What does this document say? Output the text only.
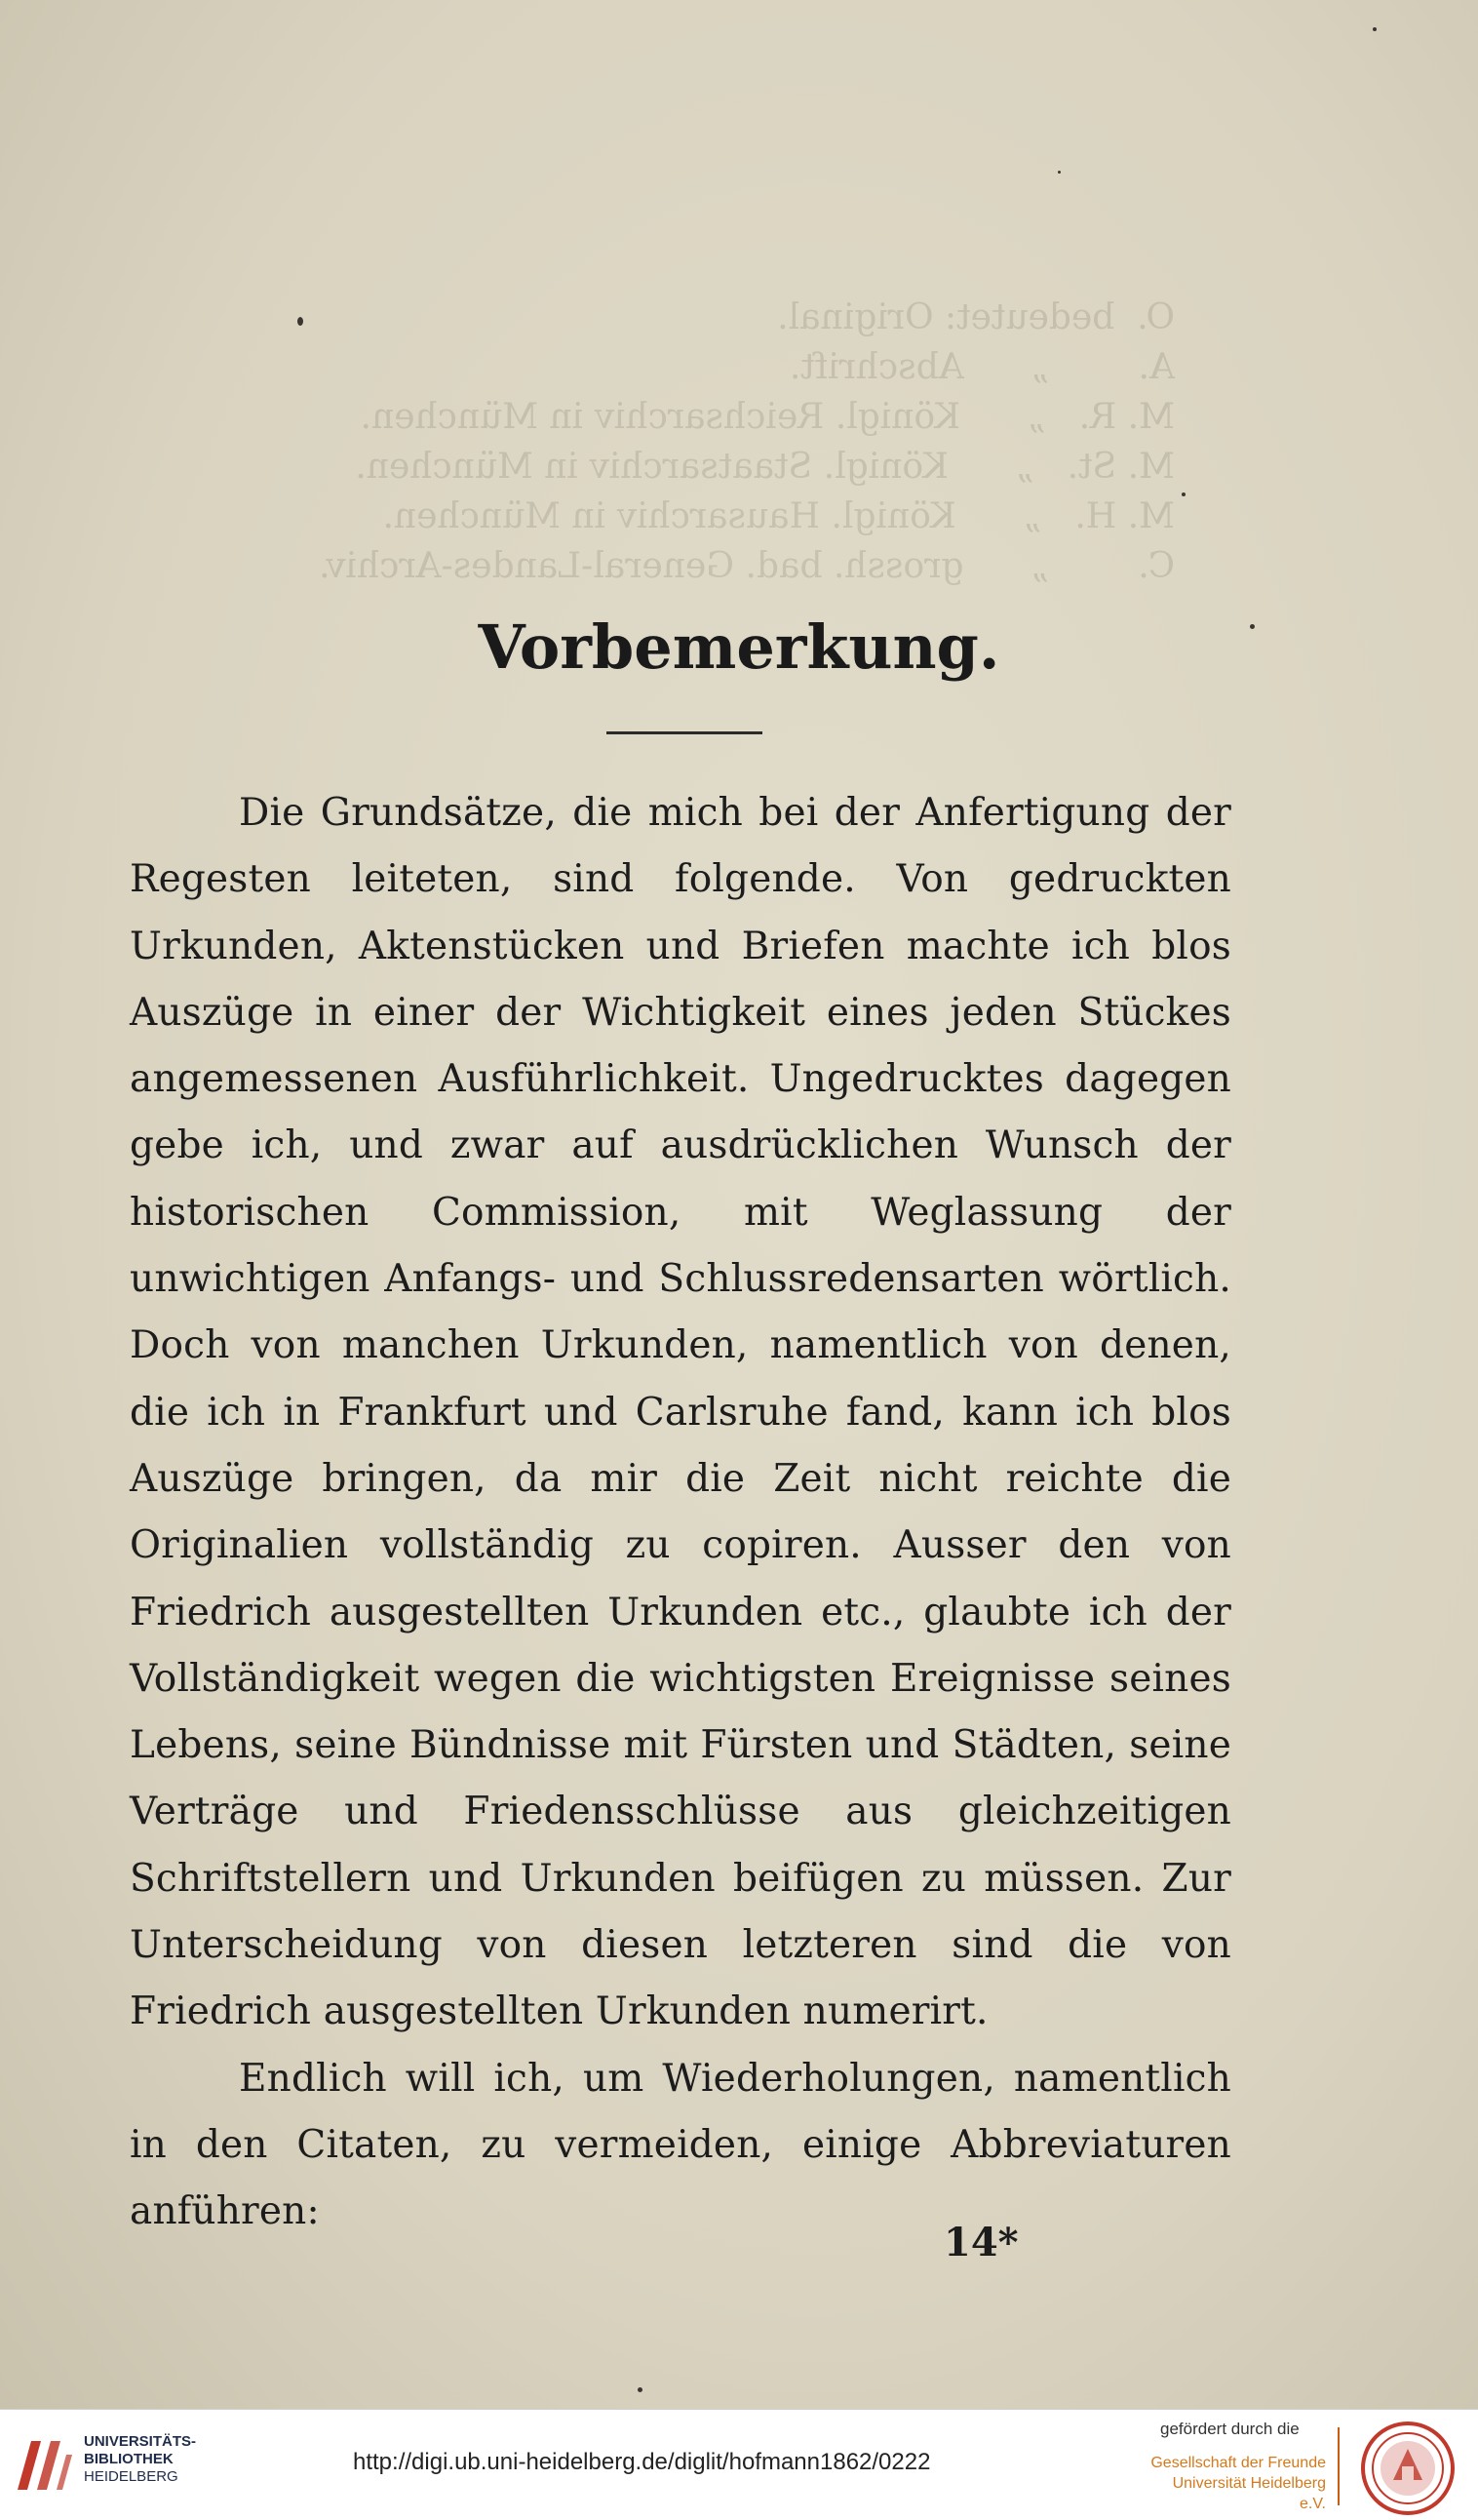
O.  bedeutet: Original.
A.        „      Abschrift.
M. R.   „      Königl. Reichsarchiv in München.
M. St.   „      Königl. Staatsarchiv in München.
M. H.   „      Königl. Hausarchiv in München.
C.        „      grossh. bad. General-Landes-Archiv.
Vorbemerkung.

Die Grundsätze, die mich bei der Anfertigung der Regesten leiteten, sind folgende. Von gedruckten Urkunden, Aktenstücken und Briefen machte ich blos Auszüge in einer der Wichtigkeit eines jeden Stückes angemessenen Ausführlichkeit. Ungedrucktes dagegen gebe ich, und zwar auf ausdrücklichen Wunsch der historischen Commission, mit Weglassung der unwichtigen Anfangs- und Schlussredensarten wörtlich. Doch von manchen Urkunden, namentlich von denen, die ich in Frankfurt und Carlsruhe fand, kann ich blos Auszüge bringen, da mir die Zeit nicht reichte die Originalien vollständig zu copiren. Ausser den von Friedrich ausgestellten Urkunden etc., glaubte ich der Vollständigkeit wegen die wichtigsten Ereignisse seines Lebens, seine Bündnisse mit Fürsten und Städten, seine Verträge und Friedensschlüsse aus gleichzeitigen Schriftstellern und Urkunden beifügen zu müssen. Zur Unterscheidung von diesen letzteren sind die von Friedrich ausgestellten Urkunden numerirt.

Endlich will ich, um Wiederholungen, namentlich in den Citaten, zu vermeiden, einige Abbreviaturen anführen:

14*
UNIVERSITÄTS-
BIBLIOTHEK
HEIDELBERG
http://digi.ub.uni-heidelberg.de/diglit/hofmann1862/0222
gefördert durch die
Gesellschaft der Freunde
Universität Heidelberg e.V.
